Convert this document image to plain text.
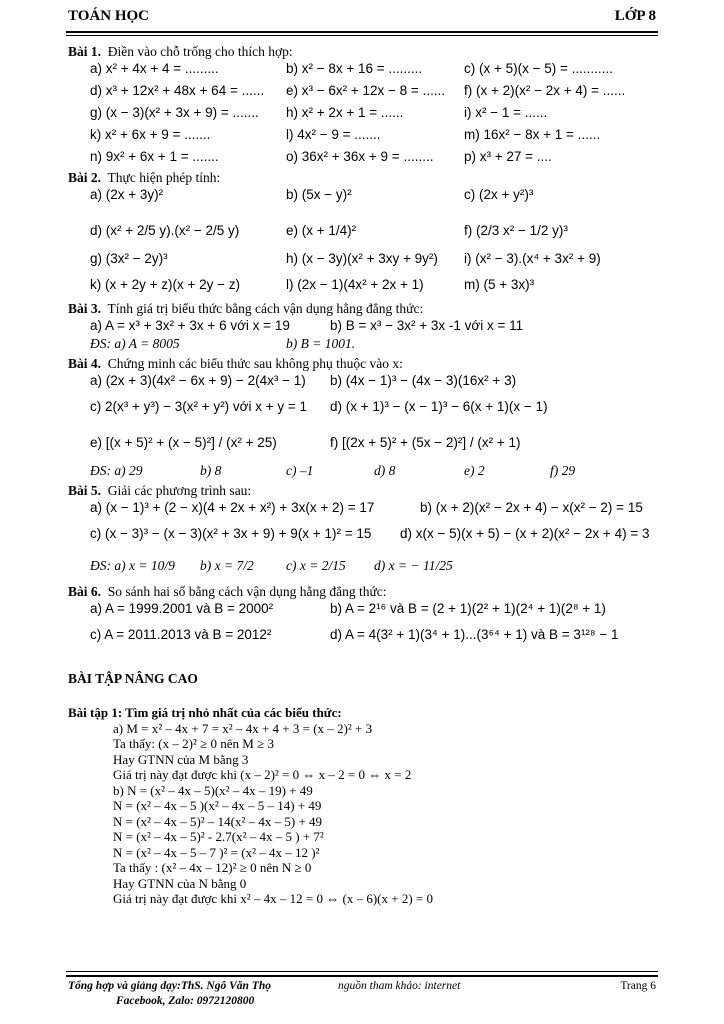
TOÁN HỌC	LỚP 8

Bài 1. Điền vào chỗ trống cho thích hợp:

a) x² + 4x + 4 = .........	b) x² − 8x + 16 = .........	c) (x + 5)(x − 5) = ...........
d) x³ + 12x² + 48x + 64 = ...... e) x³ − 6x² + 12x − 8 = ...... f) (x + 2)(x² − 2x + 4) = ......
g) (x − 3)(x² + 3x + 9) = ....... h) x² + 2x + 1 = ......	i) x² − 1 = ......
k) x² + 6x + 9 = .......	l) 4x² − 9 = .......	m) 16x² − 8x + 1 = ......
n) 9x² + 6x + 1 = .......	o) 36x² + 36x + 9 = ........ p) x³ + 27 = ....

Bài 2. Thực hiện phép tính:

a) (2x + 3y)²	b) (5x − y)²	c) (2x + y²)³
d) (x² + 2/5 y).(x² − 2/5 y)	e) (x + 1/4)²	f) (2/3 x² − 1/2 y)³
g) (3x² − 2y)³	h) (x − 3y)(x² + 3xy + 9y²) i) (x² − 3).(x⁴ + 3x² + 9)
k) (x + 2y + z)(x + 2y − z)	l) (2x − 1)(4x² + 2x + 1)	m) (5 + 3x)³

Bài 3. Tính giá trị biểu thức bằng cách vận dụng hằng đẳng thức:

a) A = x³ + 3x² + 3x + 6 với x = 19	b) B = x³ − 3x² + 3x -1 với x = 11
ĐS: a) A = 8005	b) B = 1001.

Bài 4. Chứng minh các biểu thức sau không phụ thuộc vào x:

a) (2x + 3)(4x² − 6x + 9) − 2(4x³ − 1) b) (4x − 1)³ − (4x − 3)(16x² + 3)
c) 2(x³ + y³) − 3(x² + y²) với x + y = 1 d) (x + 1)³ − (x − 1)³ − 6(x + 1)(x − 1)
e) [(x + 5)² + (x − 5)²] / (x² + 25)	f) [(2x + 5)² + (5x − 2)²] / (x² + 1)
ĐS: a) 29	b) 8	c) –1	d) 8	e) 2	f) 29

Bài 5. Giải các phương trình sau:

a) (x − 1)³ + (2 − x)(4 + 2x + x²) + 3x(x + 2) = 17	b) (x + 2)(x² − 2x + 4) − x(x² − 2) = 15
c) (x − 3)³ − (x − 3)(x² + 3x + 9) + 9(x + 1)² = 15 d) x(x − 5)(x + 5) − (x + 2)(x² − 2x + 4) = 3
ĐS: a) x = 10/9 b) x = 7/2 c) x = 2/15 d) x = − 11/25

Bài 6. So sánh hai số bằng cách vận dụng hằng đẳng thức:

a) A = 1999.2001 và B = 2000²	b) A = 2¹⁶ và B = (2 + 1)(2² + 1)(2⁴ + 1)(2⁸ + 1)
c) A = 2011.2013 và B = 2012²	d) A = 4(3² + 1)(3⁴ + 1)...(3⁶⁴ + 1) và B = 3¹²⁸ − 1

BÀI TẬP NÂNG CAO

Bài tập 1: Tìm giá trị nhỏ nhất của các biểu thức:
a) M = x² – 4x + 7 = x² – 4x + 4 + 3 = (x – 2)² + 3
Ta thấy: (x – 2)² ≥ 0 nên M ≥ 3
Hay GTNN của M bằng 3
Giá trị này đạt được khi (x – 2)² = 0 ⇔ x – 2 = 0 ⇔ x = 2
b) N = (x² – 4x – 5)(x² – 4x – 19) + 49
N = (x² – 4x – 5 )(x² – 4x – 5 – 14) + 49
N = (x² – 4x – 5)² – 14(x² – 4x – 5) + 49
N = (x² – 4x – 5)² - 2.7(x² – 4x – 5 ) + 7²
N = (x² – 4x – 5 – 7 )² = (x² – 4x – 12 )²
Ta thấy : (x² – 4x – 12)² ≥ 0 nên N ≥ 0
Hay GTNN của N bằng 0
Giá trị này đạt được khi x² – 4x – 12 = 0 ⇔ (x – 6)(x + 2) = 0
Tổng hợp và giảng dạy:ThS. Ngô Văn Thọ	nguồn tham khảo: internet	Trang 6
Facebook, Zalo: 0972120800
